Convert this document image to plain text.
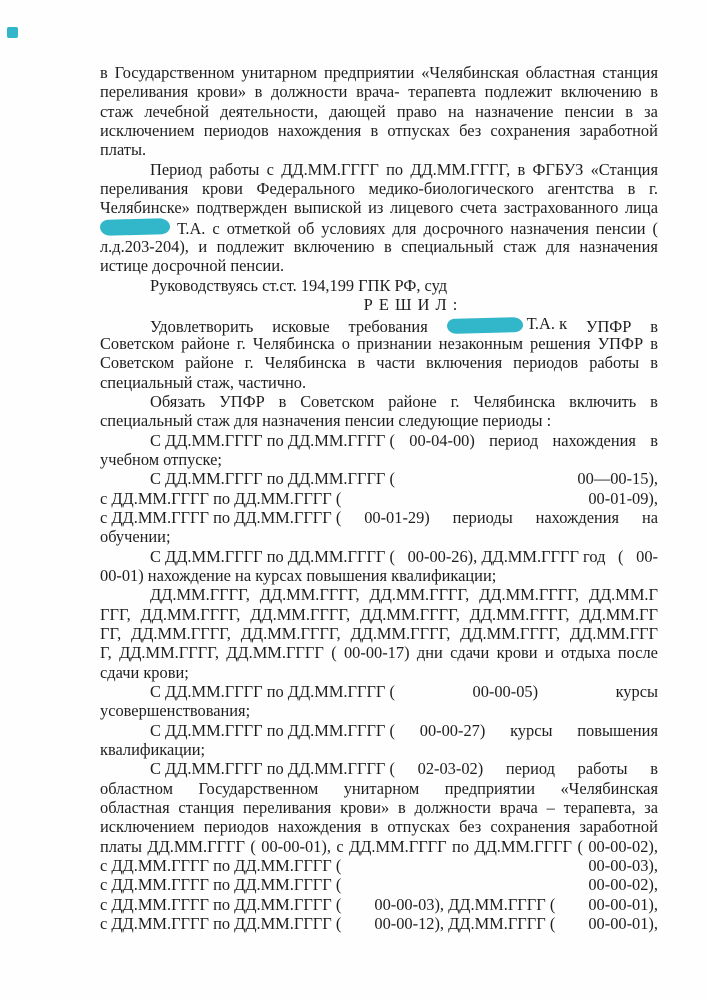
в Государственном унитарном предприятии «Челябинская областная станция
переливания крови» в должности врача- терапевта подлежит включению в
стаж лечебной деятельности, дающей право на назначение пенсии в за
исключением периодов нахождения в отпусках без сохранения заработной
платы.
Период работы с ДД.ММ.ГГГГ по ДД.ММ.ГГГГ, в ФГБУЗ «Станция
переливания крови Федерального медико-биологического агентства в г.
Челябинске» подтвержден выпиской из лицевого счета застрахованного лица
Т.А. с отметкой об условиях для досрочного назначения пенсии (
л.д.203-204), и подлежит включению в специальный стаж для назначения
истице досрочной пенсии.
Руководствуясь ст.ст. 194,199 ГПК РФ, суд
Р Е Ш И Л :
Удовлетворить исковые требования	Т.А. к УПФР в
Советском районе г. Челябинска о признании незаконным решения УПФР в
Советском районе г. Челябинска в части включения периодов работы в
специальный стаж, частично.
Обязать УПФР в Советском районе г. Челябинска включить в
специальный стаж для назначения пенсии следующие периоды :
С ДД.ММ.ГГГГ по ДД.ММ.ГГГГ ( 00-04-00) период нахождения в
учебном отпуске;
С ДД.ММ.ГГГГ по ДД.ММ.ГГГГ (	00—00-15),
с ДД.ММ.ГГГГ по ДД.ММ.ГГГГ (	00-01-09),
с ДД.ММ.ГГГГ по ДД.ММ.ГГГГ ( 00-01-29) периоды нахождения на
обучении;
С ДД.ММ.ГГГГ по ДД.ММ.ГГГГ ( 00-00-26), ДД.ММ.ГГГГ год ( 00-
00-01) нахождение на курсах повышения квалификации;
ДД.ММ.ГГГГ, ДД.ММ.ГГГГ, ДД.ММ.ГГГГ, ДД.ММ.ГГГГ, ДД.ММ.Г
ГГГ, ДД.ММ.ГГГГ, ДД.ММ.ГГГГ, ДД.ММ.ГГГГ, ДД.ММ.ГГГГ, ДД.ММ.ГГ
ГГ, ДД.ММ.ГГГГ, ДД.ММ.ГГГГ, ДД.ММ.ГГГГ, ДД.ММ.ГГГГ, ДД.ММ.ГГГ
Г, ДД.ММ.ГГГГ, ДД.ММ.ГГГГ ( 00-00-17) дни сдачи крови и отдыха после
сдачи крови;
С ДД.ММ.ГГГГ по ДД.ММ.ГГГГ (	00-00-05)	курсы
усовершенствования;
С ДД.ММ.ГГГГ по ДД.ММ.ГГГГ ( 00-00-27) курсы повышения
квалификации;
С ДД.ММ.ГГГГ по ДД.ММ.ГГГГ ( 02-03-02) период работы в
областном Государственном унитарном предприятии «Челябинская
областная станция переливания крови» в должности врача – терапевта, за
исключением периодов нахождения в отпусках без сохранения заработной
платы ДД.ММ.ГГГГ ( 00-00-01), с ДД.ММ.ГГГГ по ДД.ММ.ГГГГ ( 00-00-02),
с ДД.ММ.ГГГГ по ДД.ММ.ГГГГ (	00-00-03),
с ДД.ММ.ГГГГ по ДД.ММ.ГГГГ (	00-00-02),
с ДД.ММ.ГГГГ по ДД.ММ.ГГГГ ( 00-00-03), ДД.ММ.ГГГГ ( 00-00-01),
с ДД.ММ.ГГГГ по ДД.ММ.ГГГГ ( 00-00-12), ДД.ММ.ГГГГ ( 00-00-01),
